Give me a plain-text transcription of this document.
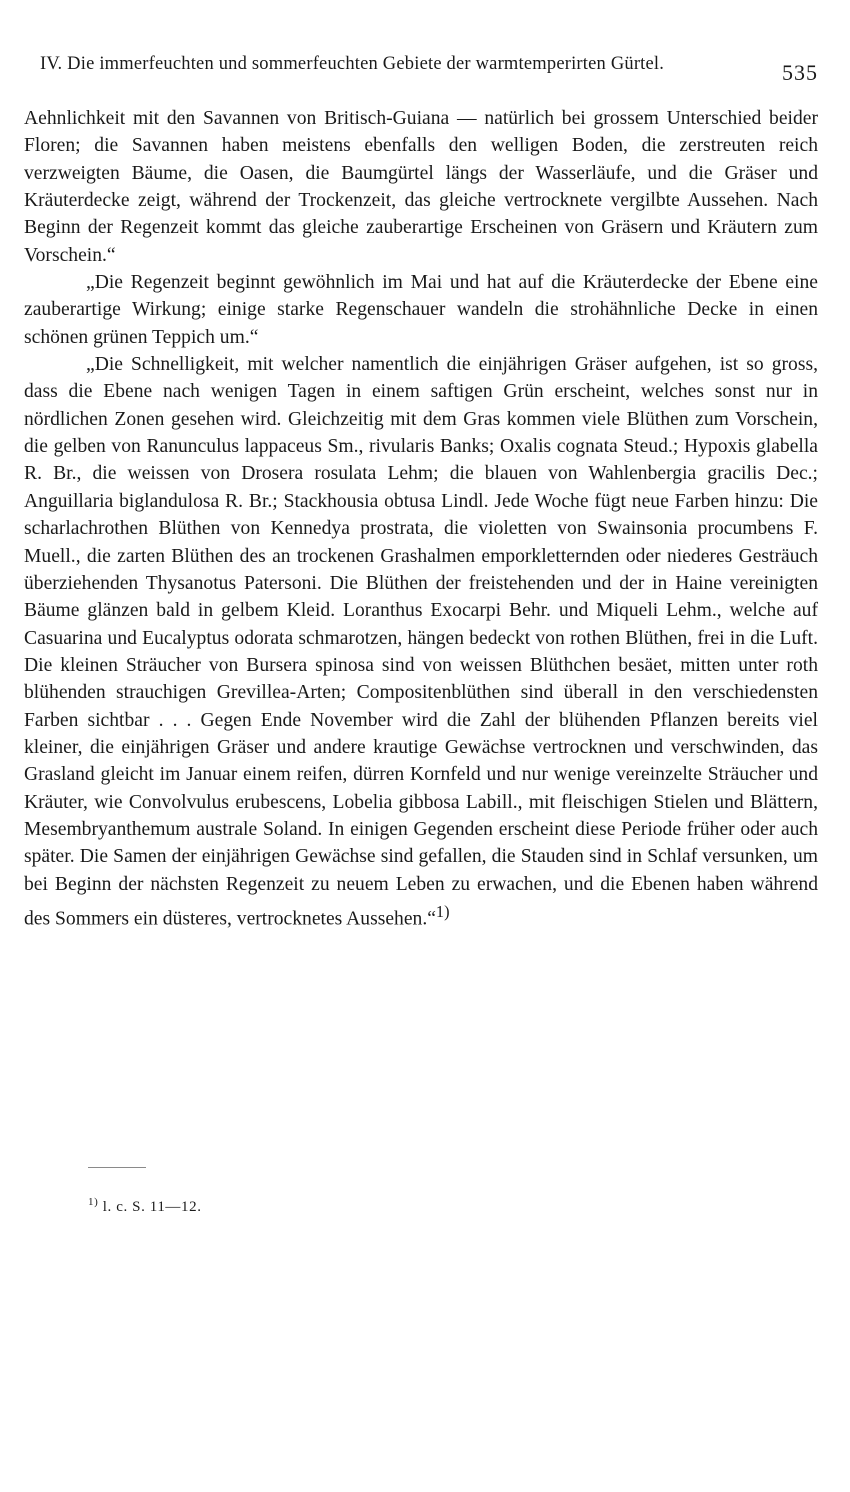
IV. Die immerfeuchten und sommerfeuchten Gebiete der warmtemperirten Gürtel.	535

Aehnlichkeit mit den Savannen von Britisch-Guiana — natürlich bei grossem Unterschied beider Floren; die Savannen haben meistens ebenfalls den welligen Boden, die zerstreuten reich verzweigten Bäume, die Oasen, die Baumgürtel längs der Wasserläufe, und die Gräser und Kräuterdecke zeigt, während der Trockenzeit, das gleiche vertrocknete vergilbte Aussehen. Nach Beginn der Regenzeit kommt das gleiche zauberartige Erscheinen von Gräsern und Kräutern zum Vorschein.“

„Die Regenzeit beginnt gewöhnlich im Mai und hat auf die Kräuterdecke der Ebene eine zauberartige Wirkung; einige starke Regenschauer wandeln die strohähnliche Decke in einen schönen grünen Teppich um.“

„Die Schnelligkeit, mit welcher namentlich die einjährigen Gräser aufgehen, ist so gross, dass die Ebene nach wenigen Tagen in einem saftigen Grün erscheint, welches sonst nur in nördlichen Zonen gesehen wird. Gleichzeitig mit dem Gras kommen viele Blüthen zum Vorschein, die gelben von Ranunculus lappaceus Sm., rivularis Banks; Oxalis cognata Steud.; Hypoxis glabella R. Br., die weissen von Drosera rosulata Lehm; die blauen von Wahlenbergia gracilis Dec.; Anguillaria biglandulosa R. Br.; Stackhousia obtusa Lindl. Jede Woche fügt neue Farben hinzu: Die scharlachrothen Blüthen von Kennedya prostrata, die violetten von Swainsonia procumbens F. Muell., die zarten Blüthen des an trockenen Grashalmen emporkletternden oder niederes Gesträuch überziehenden Thysanotus Patersoni. Die Blüthen der freistehenden und der in Haine vereinigten Bäume glänzen bald in gelbem Kleid. Loranthus Exocarpi Behr. und Miqueli Lehm., welche auf Casuarina und Eucalyptus odorata schmarotzen, hängen bedeckt von rothen Blüthen, frei in die Luft. Die kleinen Sträucher von Bursera spinosa sind von weissen Blüthchen besäet, mitten unter roth blühenden strauchigen Grevillea-Arten; Compositenblüthen sind überall in den verschiedensten Farben sichtbar . . . Gegen Ende November wird die Zahl der blühenden Pflanzen bereits viel kleiner, die einjährigen Gräser und andere krautige Gewächse vertrocknen und verschwinden, das Grasland gleicht im Januar einem reifen, dürren Kornfeld und nur wenige vereinzelte Sträucher und Kräuter, wie Convolvulus erubescens, Lobelia gibbosa Labill., mit fleischigen Stielen und Blättern, Mesembryanthemum australe Soland. In einigen Gegenden erscheint diese Periode früher oder auch später. Die Samen der einjährigen Gewächse sind gefallen, die Stauden sind in Schlaf versunken, um bei Beginn der nächsten Regenzeit zu neuem Leben zu erwachen, und die Ebenen haben während des Sommers ein düsteres, vertrocknetes Aussehen.“$^{1)}$

$^{1)}$ l. c. S. 11—12.
